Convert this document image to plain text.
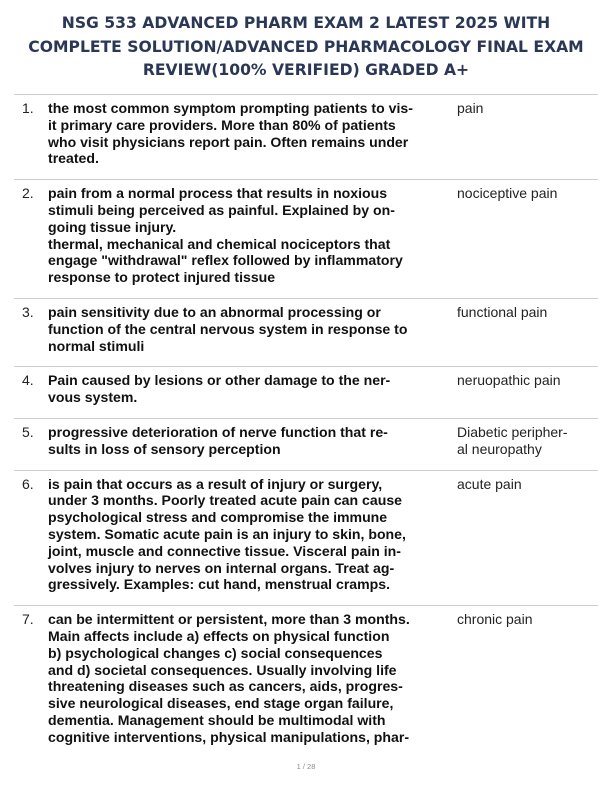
NSG 533 ADVANCED PHARM EXAM 2 LATEST 2025 WITH
COMPLETE SOLUTION/ADVANCED PHARMACOLOGY FINAL EXAM
REVIEW(100% VERIFIED) GRADED A+
1. the most common symptom prompting patients to vis-
it primary care providers. More than 80% of patients
who visit physicians report pain. Often remains under
treated.
pain
2. pain from a normal process that results in noxious
stimuli being perceived as painful. Explained by on-
going tissue injury.
thermal, mechanical and chemical nociceptors that
engage "withdrawal" reflex followed by inflammatory
response to protect injured tissue
nociceptive pain
3. pain sensitivity due to an abnormal processing or
function of the central nervous system in response to
normal stimuli
functional pain
4. Pain caused by lesions or other damage to the ner-
vous system.
neruopathic pain
5. progressive deterioration of nerve function that re-
sults in loss of sensory perception
Diabetic peripher-
al neuropathy
6. is pain that occurs as a result of injury or surgery,
under 3 months. Poorly treated acute pain can cause
psychological stress and compromise the immune
system. Somatic acute pain is an injury to skin, bone,
joint, muscle and connective tissue. Visceral pain in-
volves injury to nerves on internal organs. Treat ag-
gressively. Examples: cut hand, menstrual cramps.
acute pain
7. can be intermittent or persistent, more than 3 months.
Main affects include a) effects on physical function
b) psychological changes c) social consequences
and d) societal consequences. Usually involving life
threatening diseases such as cancers, aids, progres-
sive neurological diseases, end stage organ failure,
dementia. Management should be multimodal with
cognitive interventions, physical manipulations, phar-
chronic pain
1 / 28
